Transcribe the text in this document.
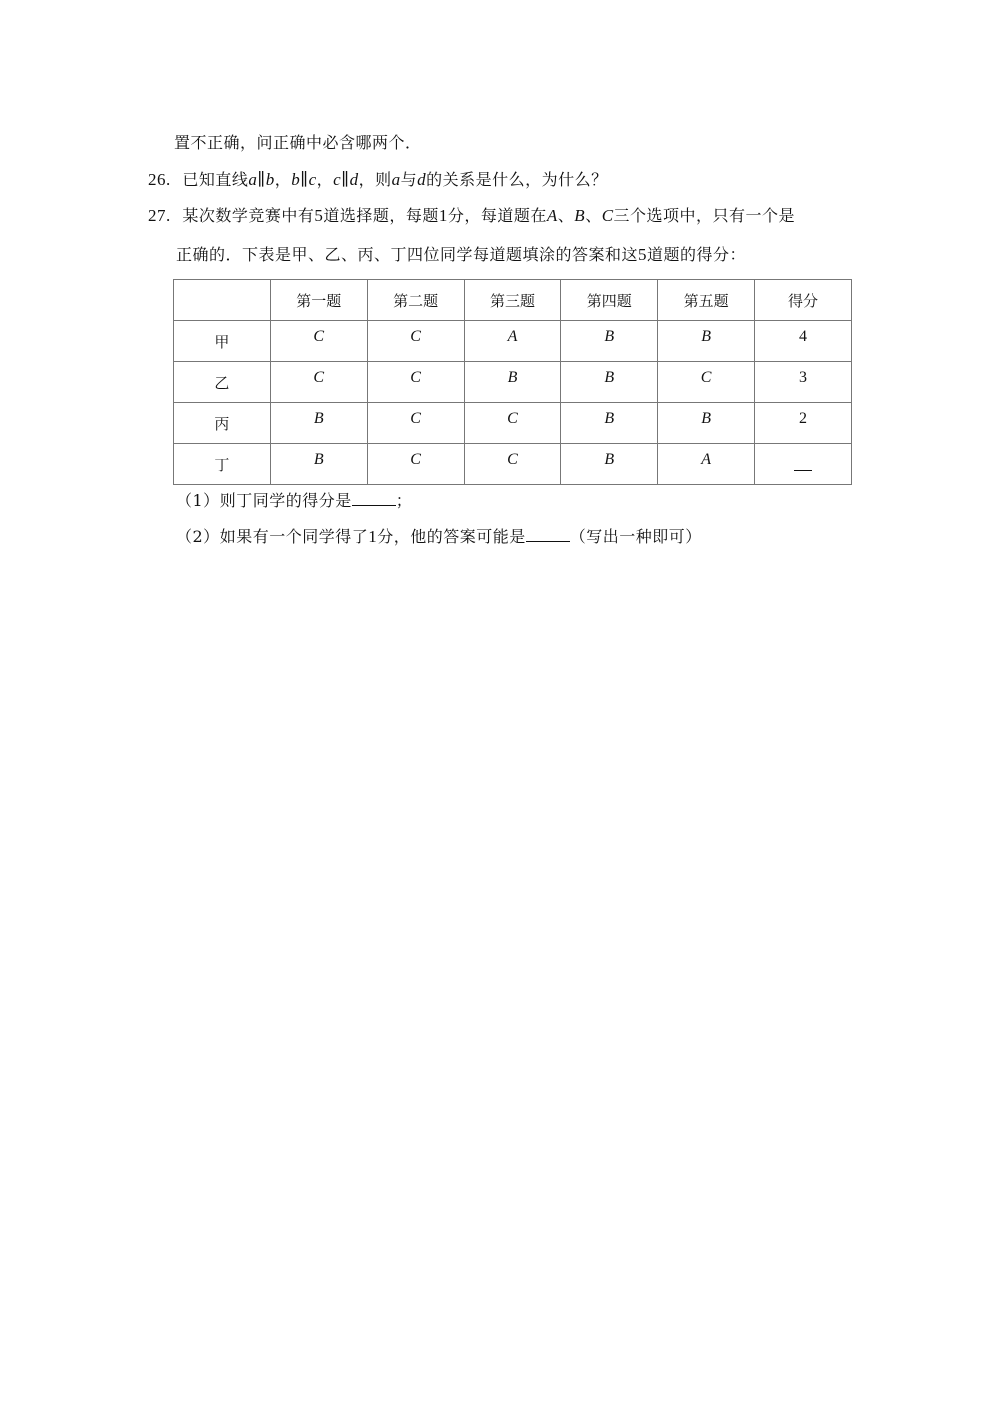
置不正确，问正确中必含哪两个．
26. 已知直线a∥b，b∥c，c∥d，则a与d的关系是什么，为什么？
27. 某次数学竞赛中有5道选择题，每题1分，每道题在A、B、C三个选项中，只有一个是
正确的．下表是甲、乙、丙、丁四位同学每道题填涂的答案和这5道题的得分：
	第一题	第二题	第三题	第四题	第五题	得分
甲	C	C	A	B	B	4
乙	C	C	B	B	C	3
丙	B	C	C	B	B	2
丁	B	C	C	B	A	
（1）则丁同学的得分是	；
（2）如果有一个同学得了1分，他的答案可能是	（写出一种即可）
